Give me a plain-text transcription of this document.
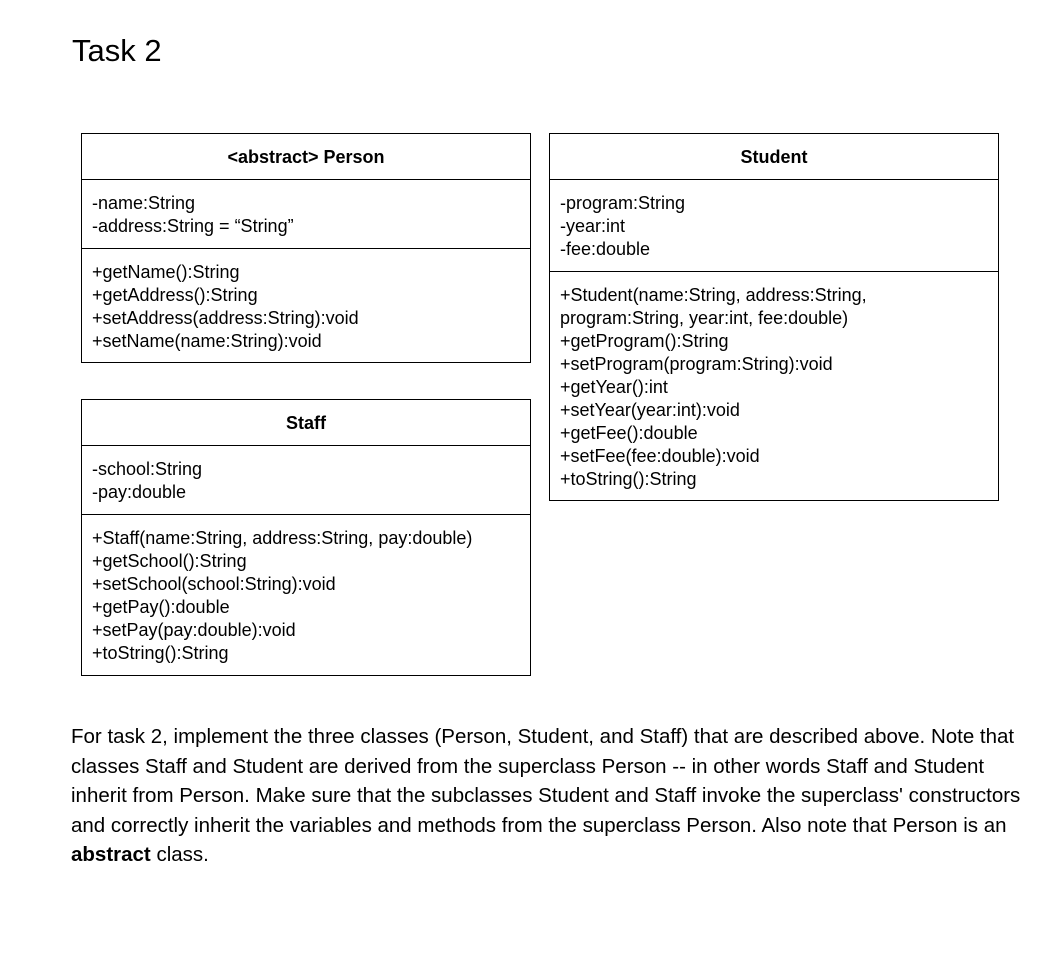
Task 2
<abstract> Person
-name:String
-address:String = “String”
+getName():String
+getAddress():String
+setAddress(address:String):void
+setName(name:String):void
Student
-program:String
-year:int
-fee:double
+Student(name:String, address:String, program:String, year:int, fee:double)
+getProgram():String
+setProgram(program:String):void
+getYear():int
+setYear(year:int):void
+getFee():double
+setFee(fee:double):void
+toString():String
Staff
-school:String
-pay:double
+Staff(name:String, address:String, pay:double)
+getSchool():String
+setSchool(school:String):void
+getPay():double
+setPay(pay:double):void
+toString():String

For task 2, implement the three classes (Person, Student, and Staff) that are described above. Note that classes Staff and Student are derived from the superclass Person -- in other words Staff and Student inherit from Person. Make sure that the subclasses Student and Staff invoke the superclass' constructors and correctly inherit the variables and methods from the superclass Person. Also note that Person is an abstract class.
